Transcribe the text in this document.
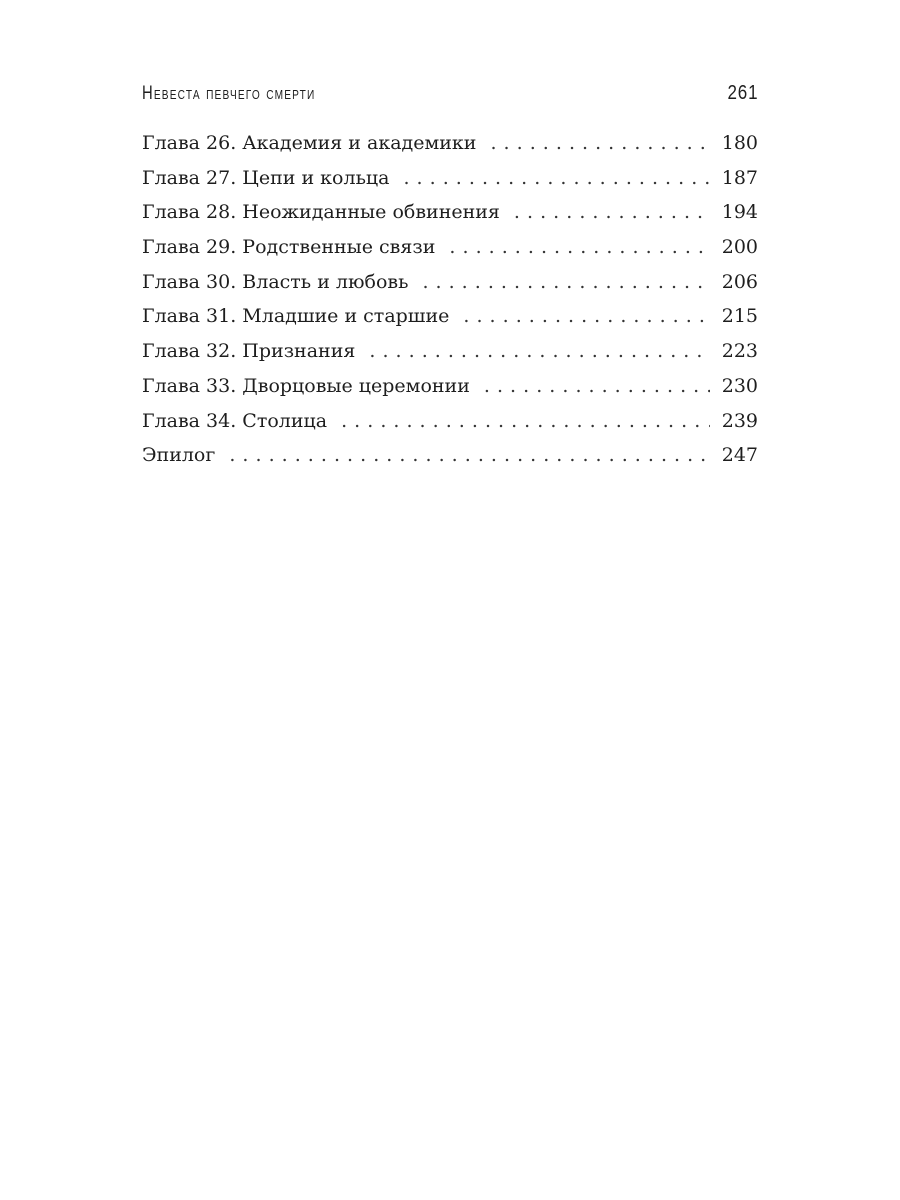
Невеста певчего смерти	261
Глава 26. Академия и академики . . .	180
Глава 27. Цепи и кольца . . .	187
Глава 28. Неожиданные обвинения . . .	194
Глава 29. Родственные связи . . .	200
Глава 30. Власть и любовь . . .	206
Глава 31. Младшие и старшие . . .	215
Глава 32. Признания . . .	223
Глава 33. Дворцовые церемонии . . .	230
Глава 34. Столица . . .	239
Эпилог . . .	247
